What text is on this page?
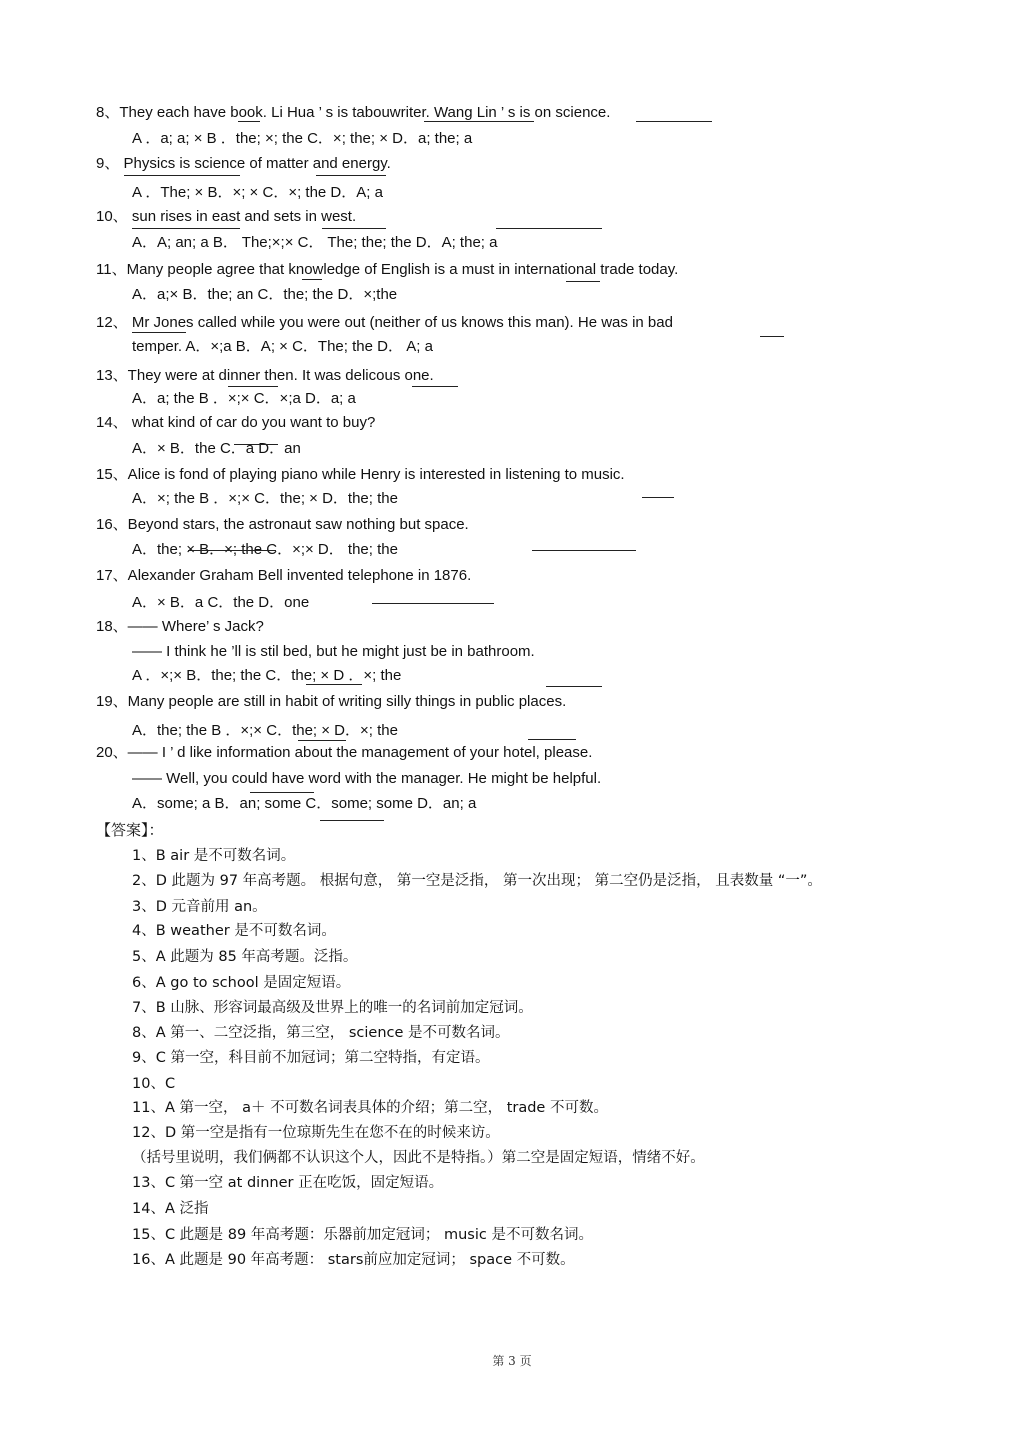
8、They each have book. Li Hua ’ s is tabouwriter. Wang Lin ’ s is on science.
A ．a; a; × B ．the; ×; the C．×; the; × D．a; the; a
9、 Physics is science of matter and energy.
A ．The; × B．×; × C．×; the D．A; a
10、 sun rises in east and sets in west.
A．A; an; a B． The;×;× C． The; the; the D．A; the; a
11、Many people agree that knowledge of English is a must in international trade today.
A．a;× B．the; an C．the; the D．×;the
12、 Mr Jones called while you were out (neither of us knows this man). He was in bad
temper. A．×;a B．A; × C．The; the D． A; a
13、They were at dinner then. It was delicous one.
A．a; the B ．×;× C．×;a D．a; a
14、 what kind of car do you want to buy?
A．× B．the C．a D．an
15、Alice is fond of playing piano while Henry is interested in listening to music.
A．×; the B ．×;× C．the; × D．the; the
16、Beyond stars, the astronaut saw nothing but space.
A．the; × B．×; the C．×;× D． the; the
17、Alexander Graham Bell invented telephone in 1876.
A．× B．a C．the D．one
18、—— Where’ s Jack?
—— I think he ’ll is stil bed, but he might just be in bathroom.
A ．×;× B．the; the C．the; × D ．×; the
19、Many people are still in habit of writing silly things in public places.
A．the; the B ．×;× C．the; × D．×; the
20、—— I ’ d like information about the management of your hotel, please.
—— Well, you could have word with the manager. He might be helpful.
A．some; a B．an; some C．some; some D．an; a
【答案】：
1、B air 是不可数名词。
2、D 此题为 97 年高考题。 根据句意， 第一空是泛指， 第一次出现； 第二空仍是泛指， 且表数量 “一”。
3、D 元音前用 an。
4、B weather 是不可数名词。
5、A 此题为 85 年高考题。泛指。
6、A go to school 是固定短语。
7、B 山脉、形容词最高级及世界上的唯一的名词前加定冠词。
8、A 第一、二空泛指，第三空， science 是不可数名词。
9、C 第一空，科目前不加冠词；第二空特指，有定语。
10、C
11、A 第一空， a＋ 不可数名词表具体的介绍；第二空， trade 不可数。
12、D 第一空是指有一位琼斯先生在您不在的时候来访。
（括号里说明，我们俩都不认识这个人，因此不是特指。）第二空是固定短语，情绪不好。
13、C 第一空 at dinner 正在吃饭，固定短语。
14、A 泛指
15、C 此题是 89 年高考题：乐器前加定冠词； music 是不可数名词。
16、A 此题是 90 年高考题： stars前应加定冠词； space 不可数。
第 3 页
